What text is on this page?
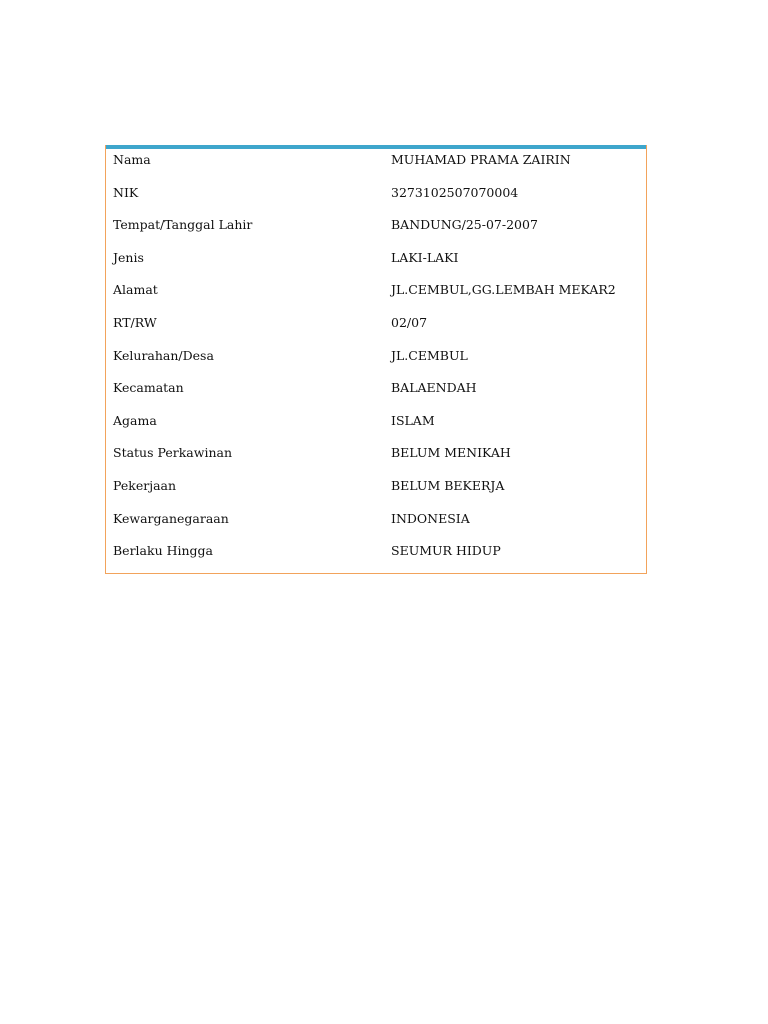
Nama	MUHAMAD PRAMA ZAIRIN
NIK	3273102507070004
Tempat/Tanggal Lahir	BANDUNG/25-07-2007
Jenis	LAKI-LAKI
Alamat	JL.CEMBUL,GG.LEMBAH MEKAR2
RT/RW	02/07
Kelurahan/Desa	JL.CEMBUL
Kecamatan	BALAENDAH
Agama	ISLAM
Status Perkawinan	BELUM MENIKAH
Pekerjaan	BELUM BEKERJA
Kewarganegaraan	INDONESIA
Berlaku Hingga	SEUMUR HIDUP
